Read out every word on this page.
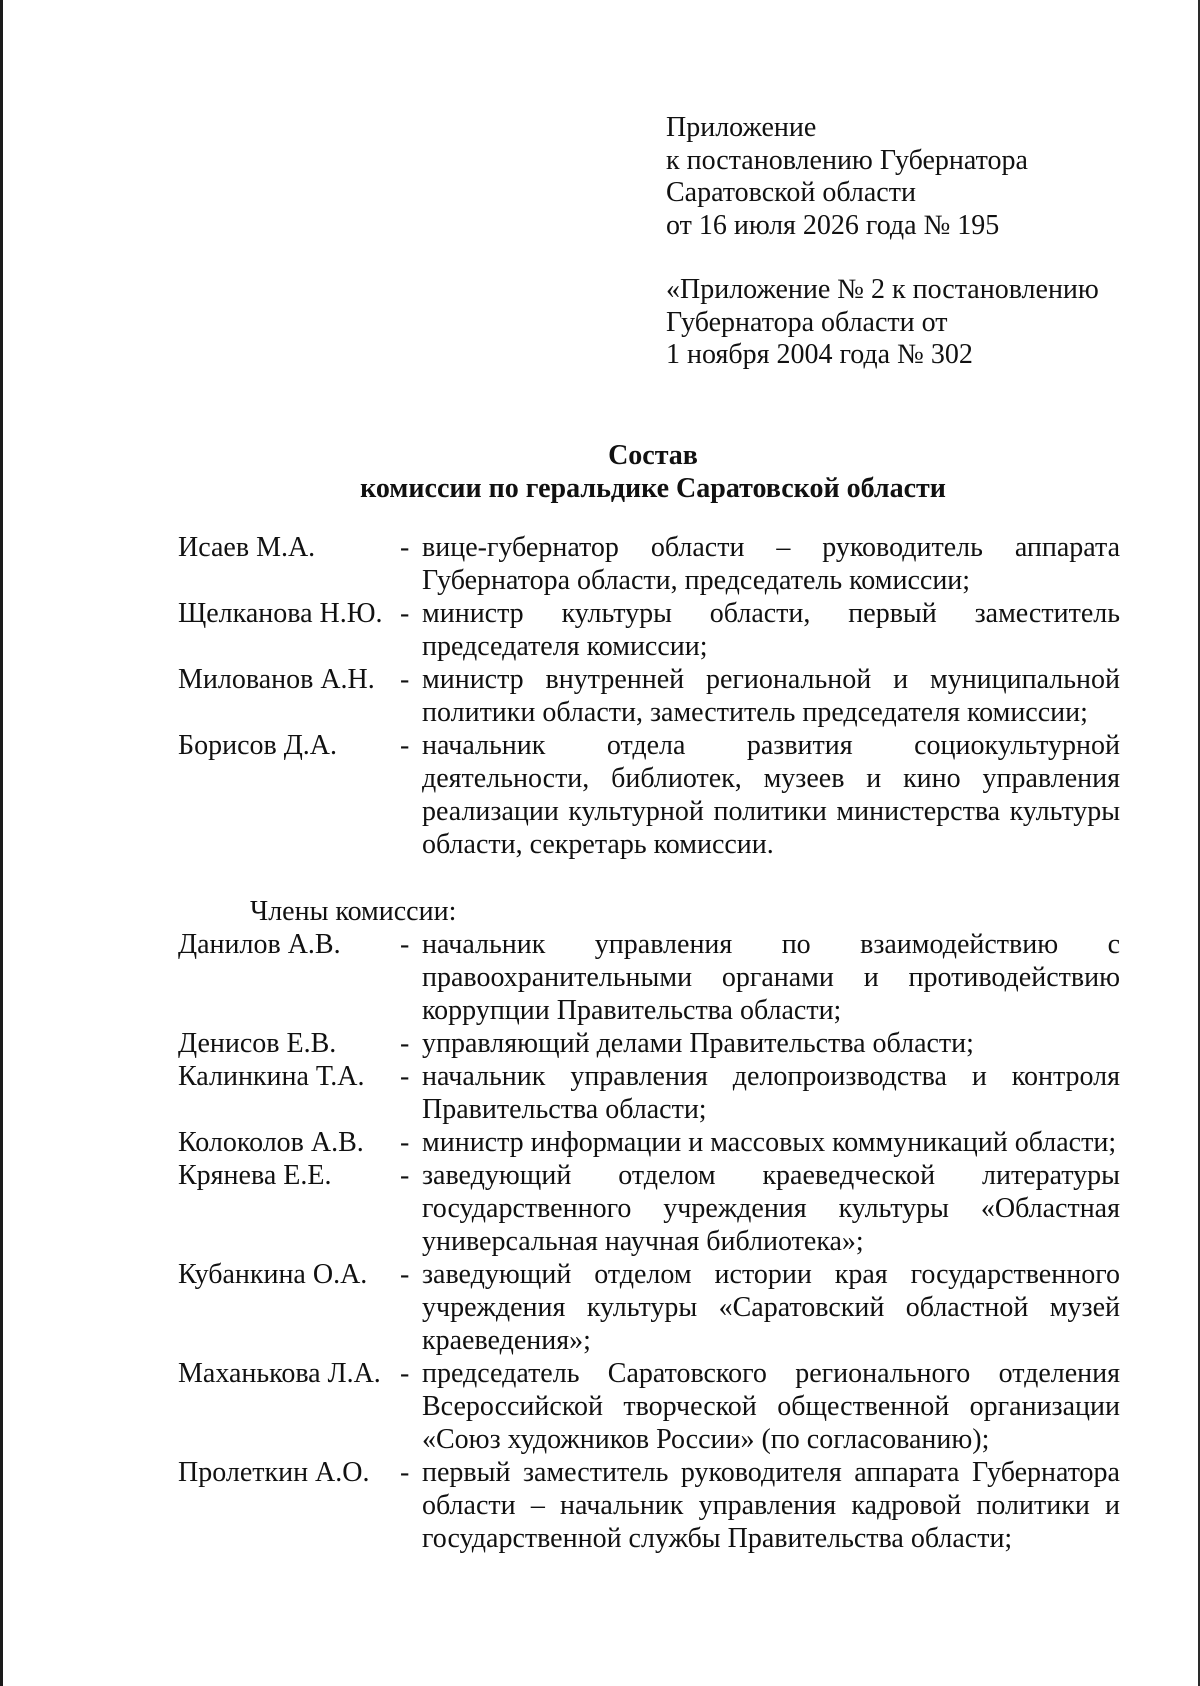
Приложение
к постановлению Губернатора
Саратовской области
от 16 июля 2026 года № 195
«Приложение № 2 к постановлению
Губернатора области от
1 ноября 2004 года № 302
Состав
комиссии по геральдике Саратовской области
Исаев М.А.	- вице-губернатор области – руководитель аппарата Губернатора области, председатель комиссии;
Щелканова Н.Ю. - министр культуры области, первый заместитель председателя комиссии;
Милованов А.Н. - министр внутренней региональной и муниципальной политики области, заместитель председателя комиссии;
Борисов Д.А.	- начальник отдела развития социокультурной деятельности, библиотек, музеев и кино управления реализации культурной политики министерства культуры области, секретарь комиссии.
Члены комиссии:
Данилов А.В.	- начальник управления по взаимодействию с правоохранительными органами и противодействию коррупции Правительства области;
Денисов Е.В.	- управляющий делами Правительства области;
Калинкина Т.А.	- начальник управления делопроизводства и контроля Правительства области;
Колоколов А.В.	- министр информации и массовых коммуникаций области;
Крянева Е.Е.	- заведующий отделом краеведческой литературы государственного учреждения культуры «Областная универсальная научная библиотека»;
Кубанкина О.А.	- заведующий отделом истории края государственного учреждения культуры «Саратовский областной музей краеведения»;
Маханькова Л.А. - председатель Саратовского регионального отделения Всероссийской творческой общественной организации «Союз художников России» (по согласованию);
Пролеткин А.О.	- первый заместитель руководителя аппарата Губернатора области – начальник управления кадровой политики и государственной службы Правительства области;
